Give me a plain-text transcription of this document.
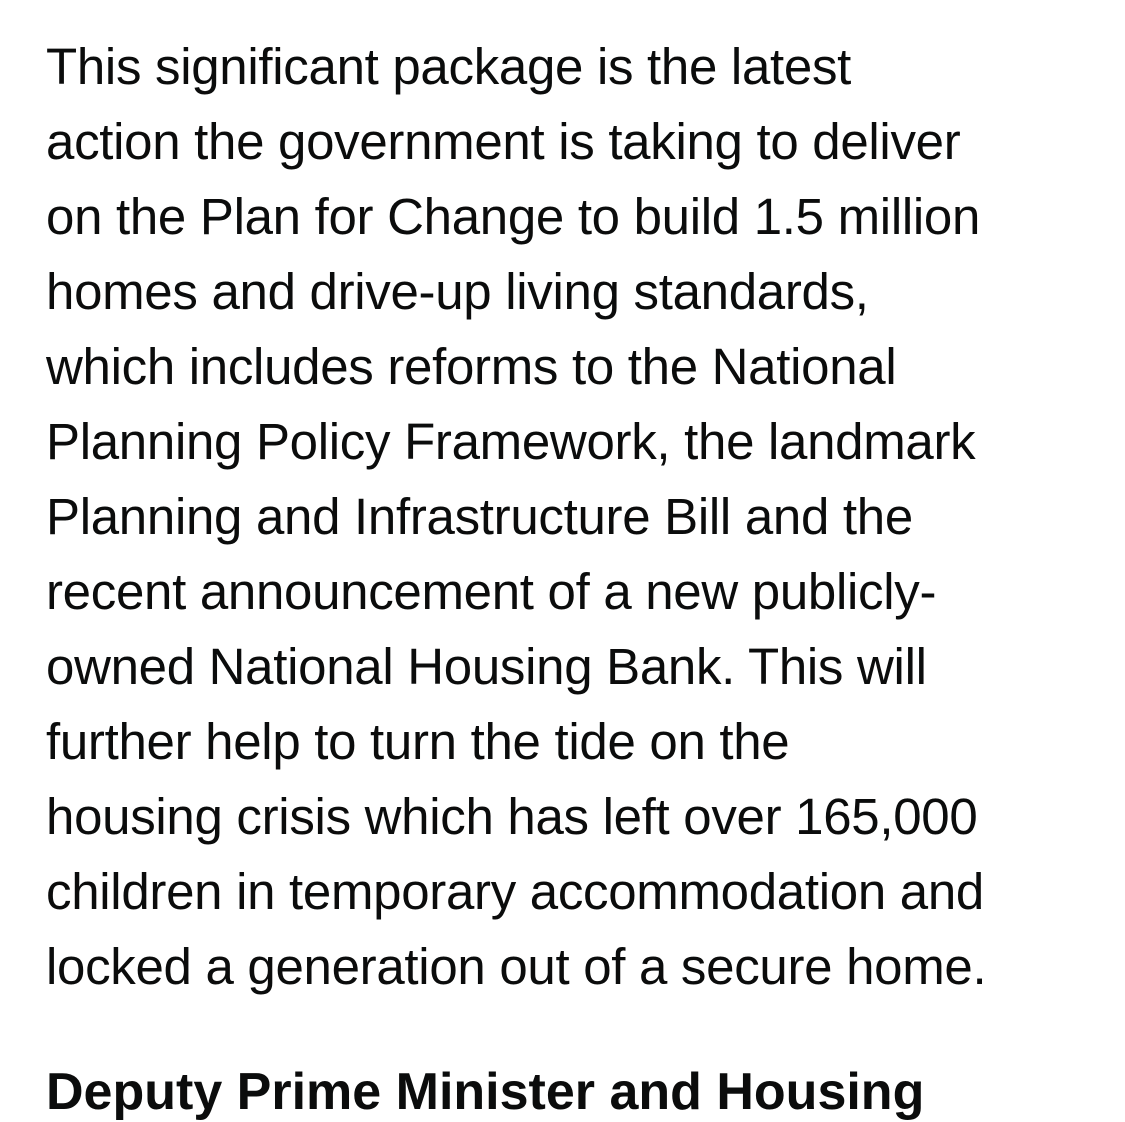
This significant package is the latest
action the government is taking to deliver
on the Plan for Change to build 1.5 million
homes and drive-up living standards,
which includes reforms to the National
Planning Policy Framework, the landmark
Planning and Infrastructure Bill and the
recent announcement of a new publicly-
owned National Housing Bank. This will
further help to turn the tide on the
housing crisis which has left over 165,000
children in temporary accommodation and
locked a generation out of a secure home.

Deputy Prime Minister and Housing
